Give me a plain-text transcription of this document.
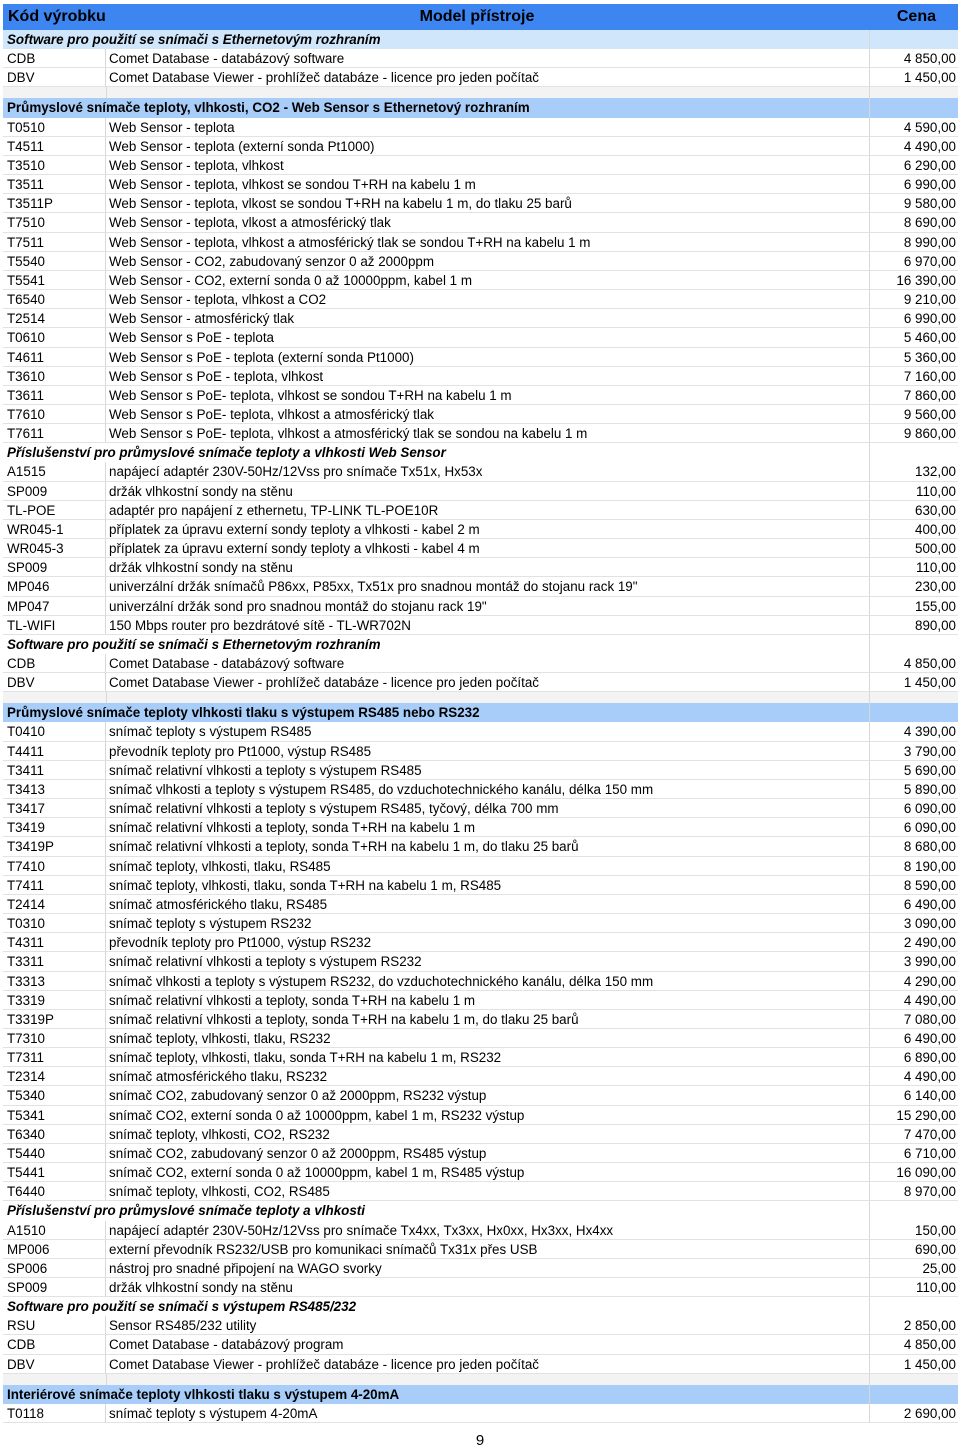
Kód výrobku	Model přístroje	Cena
Software pro použití se snímači s Ethernetovým rozhraním
CDB	Comet Database - databázový software	4 850,00
DBV	Comet Database Viewer - prohlížeč databáze - licence pro jeden počítač	1 450,00
Průmyslové snímače teploty, vlhkosti, CO2 - Web Sensor s Ethernetový rozhraním
T0510	Web Sensor - teplota	4 590,00
T4511	Web Sensor - teplota (externí sonda Pt1000)	4 490,00
T3510	Web Sensor - teplota, vlhkost	6 290,00
T3511	Web Sensor - teplota, vlhkost se sondou T+RH na kabelu 1 m	6 990,00
T3511P	Web Sensor - teplota, vlkost se sondou T+RH na kabelu 1 m, do tlaku 25 barů	9 580,00
T7510	Web Sensor - teplota, vlkost a atmosférický tlak	8 690,00
T7511	Web Sensor - teplota, vlhkost a atmosférický tlak se sondou T+RH na kabelu 1 m	8 990,00
T5540	Web Sensor - CO2, zabudovaný senzor 0 až 2000ppm	6 970,00
T5541	Web Sensor - CO2, externí sonda 0 až 10000ppm, kabel 1 m	16 390,00
T6540	Web Sensor - teplota, vlhkost a CO2	9 210,00
T2514	Web Sensor - atmosférický tlak	6 990,00
T0610	Web Sensor s PoE - teplota	5 460,00
T4611	Web Sensor s PoE - teplota (externí sonda Pt1000)	5 360,00
T3610	Web Sensor s PoE - teplota, vlhkost	7 160,00
T3611	Web Sensor s PoE- teplota, vlhkost se sondou T+RH na kabelu 1 m	7 860,00
T7610	Web Sensor s PoE- teplota, vlhkost a atmosférický tlak	9 560,00
T7611	Web Sensor s PoE- teplota, vlhkost a atmosférický tlak se sondou na kabelu 1 m	9 860,00
Příslušenství pro průmyslové snímače teploty a vlhkosti Web Sensor
A1515	napájecí adaptér 230V-50Hz/12Vss pro snímače Tx51x, Hx53x	132,00
SP009	držák vlhkostní sondy na stěnu	110,00
TL-POE	adaptér pro napájení z ethernetu, TP-LINK TL-POE10R	630,00
WR045-1	příplatek za úpravu externí sondy teploty a vlhkosti - kabel 2 m	400,00
WR045-3	příplatek za úpravu externí sondy teploty a vlhkosti - kabel 4 m	500,00
SP009	držák vlhkostní sondy na stěnu	110,00
MP046	univerzální držák snímačů P86xx, P85xx, Tx51x pro snadnou montáž do stojanu rack 19"	230,00
MP047	univerzální držák sond pro snadnou montáž do stojanu rack 19"	155,00
TL-WIFI	150 Mbps router pro bezdrátové sítě - TL-WR702N	890,00
Software pro použití se snímači s Ethernetovým rozhraním
CDB	Comet Database - databázový software	4 850,00
DBV	Comet Database Viewer - prohlížeč databáze - licence pro jeden počítač	1 450,00
Průmyslové snímače teploty vlhkosti tlaku s výstupem RS485 nebo RS232
T0410	snímač teploty s výstupem RS485	4 390,00
T4411	převodník teploty pro Pt1000, výstup RS485	3 790,00
T3411	snímač relativní vlhkosti a teploty s výstupem RS485	5 690,00
T3413	snímač vlhkosti a teploty s výstupem RS485, do vzduchotechnického kanálu, délka 150 mm	5 890,00
T3417	snímač relativní vlhkosti a teploty s výstupem RS485, tyčový, délka 700 mm	6 090,00
T3419	snímač relativní vlhkosti a teploty, sonda T+RH na kabelu 1 m	6 090,00
T3419P	snímač relativní vlhkosti a teploty, sonda T+RH na kabelu 1 m, do tlaku 25 barů	8 680,00
T7410	snímač teploty, vlhkosti, tlaku, RS485	8 190,00
T7411	snímač teploty, vlhkosti, tlaku, sonda T+RH na kabelu 1 m, RS485	8 590,00
T2414	snímač atmosférického tlaku, RS485	6 490,00
T0310	snímač teploty s výstupem RS232	3 090,00
T4311	převodník teploty pro Pt1000, výstup RS232	2 490,00
T3311	snímač relativní vlhkosti a teploty s výstupem RS232	3 990,00
T3313	snímač vlhkosti a teploty s výstupem RS232, do vzduchotechnického kanálu, délka 150 mm	4 290,00
T3319	snímač relativní vlhkosti a teploty, sonda T+RH na kabelu 1 m	4 490,00
T3319P	snímač relativní vlhkosti a teploty, sonda T+RH na kabelu 1 m, do tlaku 25 barů	7 080,00
T7310	snímač teploty, vlhkosti, tlaku, RS232	6 490,00
T7311	snímač teploty, vlhkosti, tlaku, sonda T+RH na kabelu 1 m, RS232	6 890,00
T2314	snímač atmosférického tlaku, RS232	4 490,00
T5340	snímač CO2, zabudovaný senzor 0 až 2000ppm, RS232 výstup	6 140,00
T5341	snímač CO2, externí sonda 0 až 10000ppm, kabel 1 m, RS232 výstup	15 290,00
T6340	snímač teploty, vlhkosti, CO2, RS232	7 470,00
T5440	snímač CO2, zabudovaný senzor 0 až 2000ppm, RS485 výstup	6 710,00
T5441	snímač CO2, externí sonda 0 až 10000ppm, kabel 1 m, RS485 výstup	16 090,00
T6440	snímač teploty, vlhkosti, CO2, RS485	8 970,00
Příslušenství pro průmyslové snímače teploty a vlhkosti
A1510	napájecí adaptér 230V-50Hz/12Vss pro snímače Tx4xx, Tx3xx, Hx0xx, Hx3xx, Hx4xx	150,00
MP006	externí převodník RS232/USB pro komunikaci snímačů Tx31x přes USB	690,00
SP006	nástroj pro snadné připojení na WAGO svorky	25,00
SP009	držák vlhkostní sondy na stěnu	110,00
Software pro použití se snímači s výstupem RS485/232
RSU	Sensor RS485/232 utility	2 850,00
CDB	Comet Database - databázový program	4 850,00
DBV	Comet Database Viewer - prohlížeč databáze - licence pro jeden počítač	1 450,00
Interiérové snímače teploty vlhkosti tlaku s výstupem 4-20mA
T0118	snímač teploty s výstupem 4-20mA	2 690,00
9
